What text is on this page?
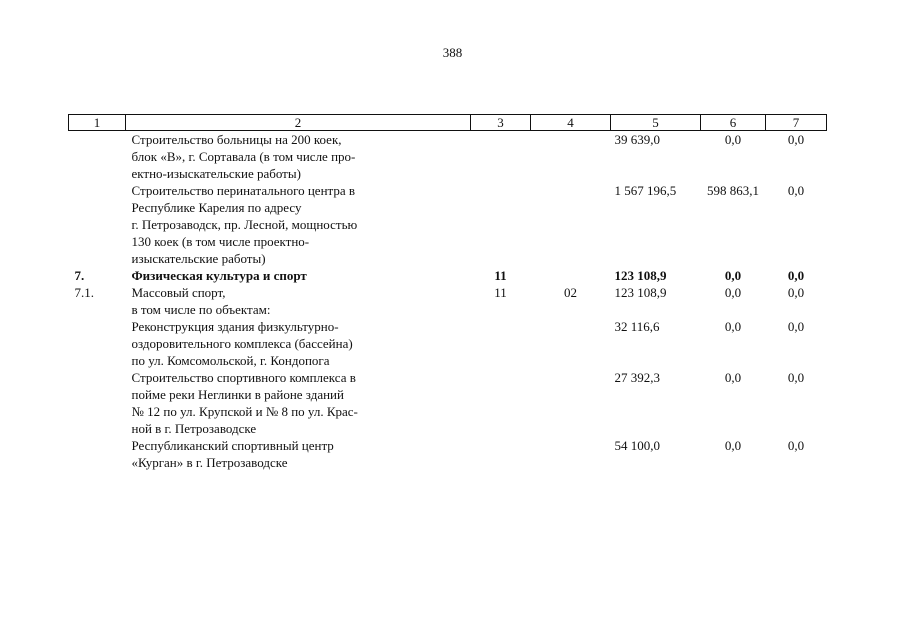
388
1	2	3	4	5	6	7
	Строительство больницы на 200 коек,
блок «В», г. Сортавала (в том числе про-
ектно-изыскательские работы)			39 639,0	0,0	0,0
	Строительство перинатального центра в
Республике Карелия по адресу
г. Петрозаводск, пр. Лесной, мощностью
130 коек (в том числе проектно-
изыскательские работы)			1 567 196,5	598 863,1	0,0
7.	Физическая культура и спорт	11		123 108,9	0,0	0,0
7.1.	Массовый спорт,
в том числе по объектам:	11	02	123 108,9	0,0	0,0
	Реконструкция здания физкультурно-
оздоровительного комплекса (бассейна)
по ул. Комсомольской, г. Кондопога			32 116,6	0,0	0,0
	Строительство спортивного комплекса в
пойме реки Неглинки в районе зданий
№ 12 по ул. Крупской и № 8 по ул. Крас-
ной в г. Петрозаводске			27 392,3	0,0	0,0
	Республиканский спортивный центр
«Курган» в г. Петрозаводске			54 100,0	0,0	0,0
